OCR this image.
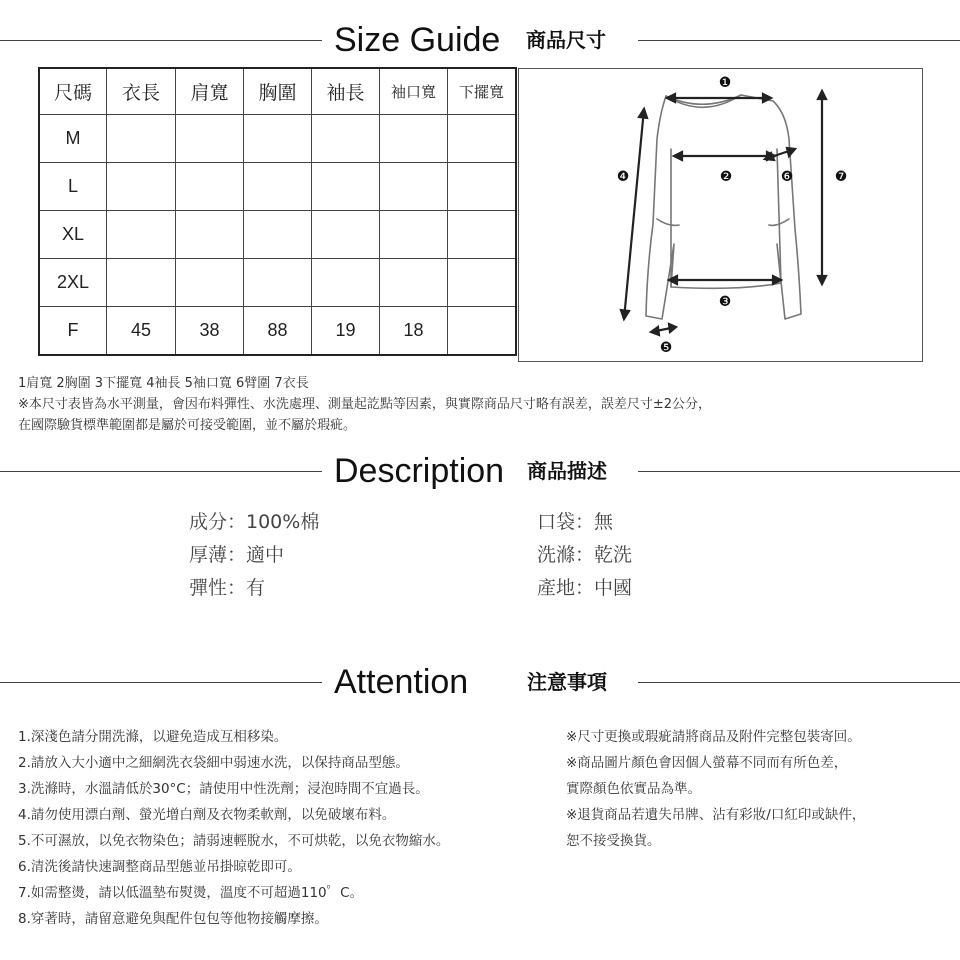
Size Guide 商品尺寸
尺碼	衣長	肩寬	胸圍	袖長	袖口寬	下擺寬
M						
L						
XL						
2XL						
F	45	38	88	19	18	
❶
❷
❸
❹
❺
❻	❼
1肩寬 2胸圍 3下擺寬 4袖長 5袖口寬 6臂圍 7衣長
※本尺寸表皆為水平測量，會因布料彈性、水洗處理、測量起訖點等因素，與實際商品尺寸略有誤差，誤差尺寸±2公分，
在國際驗貨標準範圍都是屬於可接受範圍，並不屬於瑕疵。
Description 商品描述
成分：100%棉
厚薄：適中
彈性：有
口袋：無
洗滌：乾洗
產地：中國
Attention	注意事項
1.深淺色請分開洗滌，以避免造成互相移染。
2.請放入大小適中之細網洗衣袋細中弱速水洗，以保持商品型態。
3.洗滌時，水溫請低於30°C；請使用中性洗劑；浸泡時間不宜過長。
4.請勿使用漂白劑、螢光增白劑及衣物柔軟劑，以免破壞布料。
5.不可濕放，以免衣物染色；請弱速輕脫水，不可烘乾，以免衣物縮水。
6.清洗後請快速調整商品型態並吊掛晾乾即可。
7.如需整燙，請以低溫墊布熨燙，溫度不可超過110゜C。
8.穿著時，請留意避免與配件包包等他物接觸摩擦。
※尺寸更換或瑕疵請將商品及附件完整包裝寄回。
※商品圖片顏色會因個人螢幕不同而有所色差，
實際顏色依實品為準。
※退貨商品若遺失吊牌、沾有彩妝/口紅印或缺件，
恕不接受換貨。
